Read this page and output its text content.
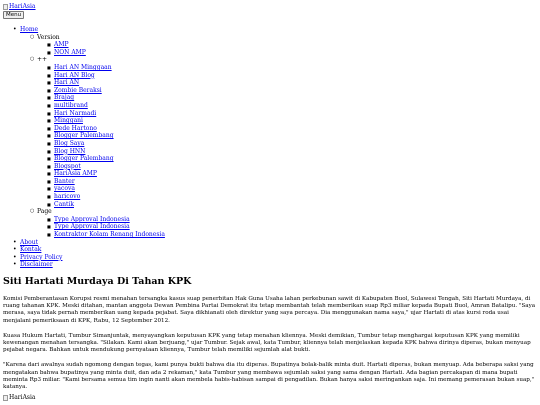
HariAsia
Menu
• Home
○ Version
■ AMP
■ NON AMP
○ ++
■ Hari AN Minggaan
■ Hari AN Blog
■ Hari AN
■ Zombie Beraksi
■ Brajag
■ multibrand
■ Hari Narmadi
■ Minggani
■ Dede Hartono
■ Blogger Palembang
■ Blog Saya
■ Blog HNN
■ Blogger Palembang
■ Blogspot
■ HariAsia AMP
■ Banter
■ yacova
■ haricovo
■ Cantik
○ Page
■ Type Approval Indonesia
■ Type Approval Indonesia
■ Kontraktor Kolam Renang Indonesia
• About
• Kontak
• Privacy Policy
• Disclaimer
Siti Hartati Murdaya Di Tahan KPK

Komisi Pemberantasan Korupsi resmi menahan tersangka kasus suap penerbitan Hak Guna Usaha lahan perkebunan sawit di Kabupaten Buol, Sulawesi Tengah, Siti Hartati Murdaya, di ruang tahanan KPK. Meski ditahan, mantan anggota Dewan Pembina Partai Demokrat itu tetap membantah telah memberikan suap Rp3 miliar kepada Bupati Buol, Amran Batalipu. "Saya merasa, saya tidak pernah memberikan uang kepada pejabat. Saya dikhianati oleh direktur yang saya percaya. Dia menggunakan nama saya," ujar Hartati di atas kursi roda usai menjalani pemeriksaan di KPK, Rabu, 12 September 2012.

Kuasa Hukum Hartati, Tumbur Simanjuntak, menyayangkan keputusan KPK yang tetap menahan kliennya. Meski demikian, Tumbur tetap menghargai keputusan KPK yang memiliki kewenangan menahan tersangka. "Silakan. Kami akan berjuang," ujar Tumbur. Sejak awal, kata Tumbur, kliennya telah menjelaskan kepada KPK bahwa dirinya diperas, bukan menyuap pejabat negara. Bahkan untuk mendukung pernyataan kliennya, Tumbur telah memiliki sejumlah alat bukti.

"Karena dari awalnya sudah ngomong dengan tegas, kami punya bukti bahwa dia itu diperas. Bupatinya bolak-balik minta duit. Hartati diperas, bukan menyuap. Ada beberapa saksi yang mengatakan bahwa bupatinya yang minta duit, dan ada 2 rekaman," kata Tumbur yang membawa sejumlah saksi yang sama dengan Hartati. Ada bagian percakapan di mana bupati meminta Rp3 miliar. "Kami bersama semua tim ingin nanti akan membela habis-habisan sampai di pengadilan. Bukan hanya saksi meringankan saja. Ini memang pemerasan bukan suap," katanya.

HariAsia
